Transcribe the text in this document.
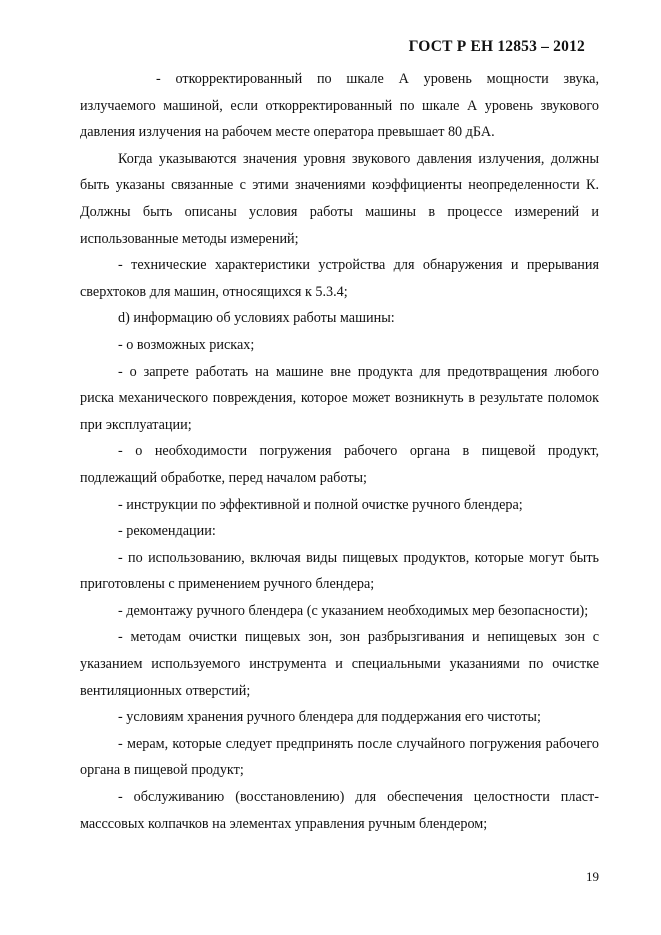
ГОСТ Р ЕН 12853 – 2012

- откорректированный по шкале А уровень мощности звука, излучаемого машиной, если откорректированный по шкале А уровень звукового давления излучения на рабочем месте оператора превышает 80 дБА.

Когда указываются значения уровня звукового давления излучения, должны быть указаны связанные с этими значениями коэффициенты неопределенности К. Должны быть описаны условия работы машины в процессе измерений и использованные методы измерений;

- технические характеристики устройства для обнаружения и прерывания сверхтоков для машин, относящихся к 5.3.4;

d) информацию об условиях работы машины:

- о возможных рисках;

- о запрете работать на машине вне продукта для предотвращения любого риска механического повреждения, которое может возникнуть в результате поломок при эксплуатации;

- о необходимости погружения рабочего органа в пищевой продукт, подлежащий обработке, перед началом работы;

- инструкции по эффективной и полной очистке ручного блендера;

- рекомендации:

- по использованию, включая виды пищевых продуктов, которые могут быть приготовлены с применением ручного блендера;

- демонтажу ручного блендера (с указанием необходимых мер безопасности);

- методам очистки пищевых зон, зон разбрызгивания и непищевых зон с указанием используемого инструмента и специальными указаниями по очистке вентиляционных отверстий;

- условиям хранения ручного блендера для поддержания его чистоты;

- мерам, которые следует предпринять после случайного погружения рабочего органа в пищевой продукт;

- обслуживанию (восстановлению) для обеспечения целостности пластмасссовых колпачков на элементах управления ручным блендером;

19
